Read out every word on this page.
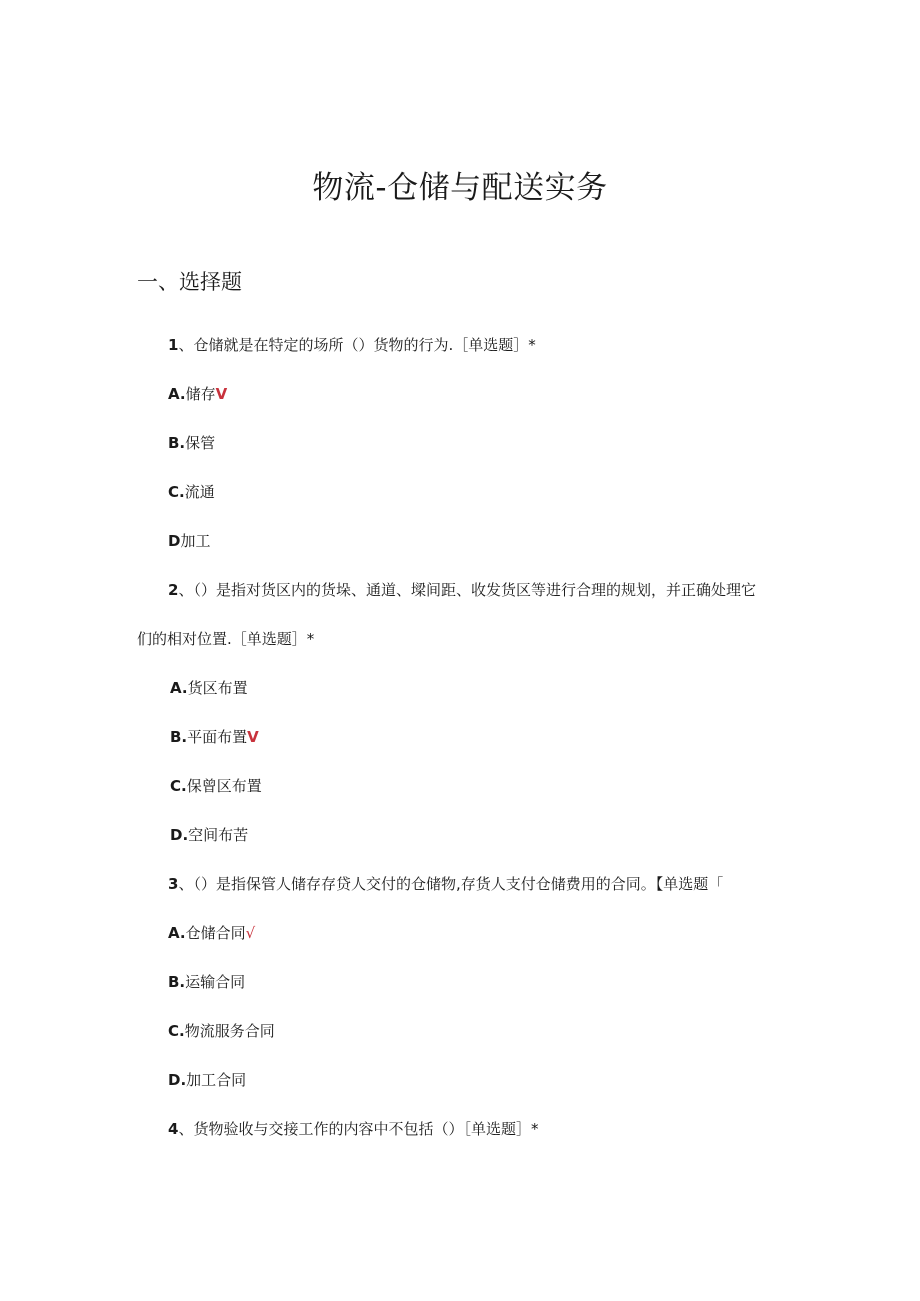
物流-仓储与配送实务
一、选择题
1、仓储就是在特定的场所（）货物的行为.［单选题］*
A.储存V
B.保管
C.流通
D加工
2、（）是指对货区内的货垛、通道、墚间距、收发货区等进行合理的规划，并正确处理它
们的相对位置.［单选题］*
A.货区布置
B.平面布置V
C.保曾区布置
D.空间布苦
3、（）是指保管人储存存贷人交付的仓储物,存货人支付仓储费用的合同。【单选题「
A.仓储合同√
B.运输合同
C.物流服务合同
D.加工合同
4、货物验收与交接工作的内容中不包括（）［单选题］*
